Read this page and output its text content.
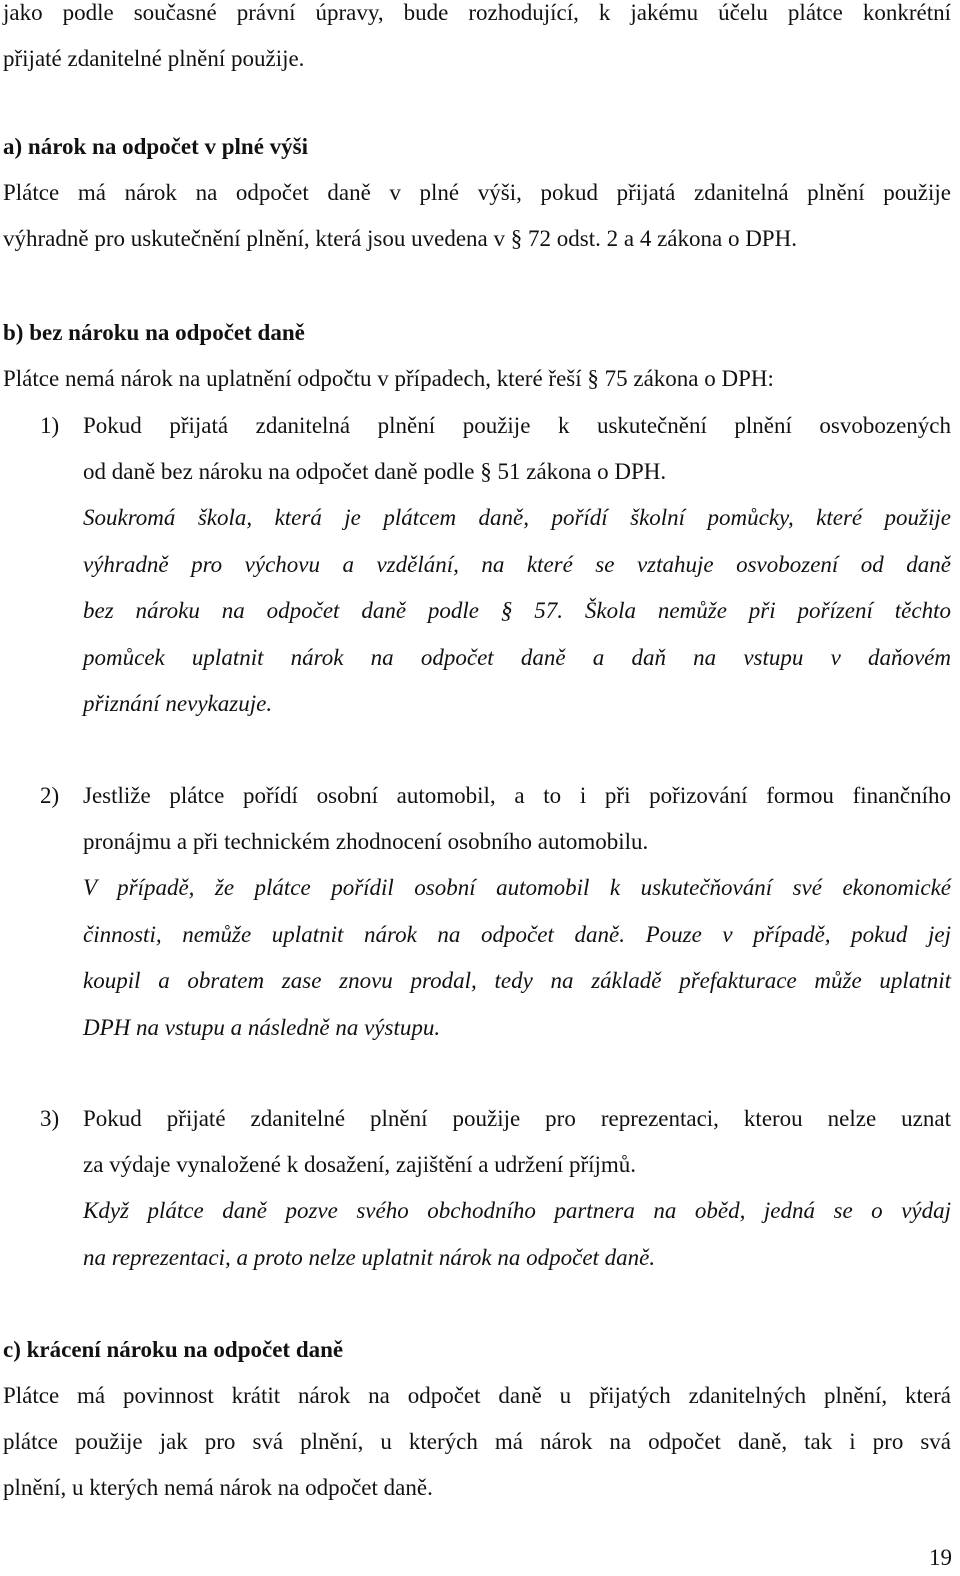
jako podle současné právní úpravy, bude rozhodující, k jakému účelu plátce konkrétní

přijaté zdanitelné plnění použije.

a) nárok na odpočet v plné výši

Plátce má nárok na odpočet daně v plné výši, pokud přijatá zdanitelná plnění použije

výhradně pro uskutečnění plnění, která jsou uvedena v § 72 odst. 2 a 4 zákona o DPH.

b) bez nároku na odpočet daně

Plátce nemá nárok na uplatnění odpočtu v případech, které řeší § 75 zákona o DPH:

1) Pokud přijatá zdanitelná plnění použije k uskutečnění plnění osvobozených

od daně bez nároku na odpočet daně podle § 51 zákona o DPH.

Soukromá škola, která je plátcem daně, pořídí školní pomůcky, které použije

výhradně pro výchovu a vzdělání, na které se vztahuje osvobození od daně

bez nároku na odpočet daně podle § 57. Škola nemůže při pořízení těchto

pomůcek uplatnit nárok na odpočet daně a daň na vstupu v daňovém

přiznání nevykazuje.

2) Jestliže plátce pořídí osobní automobil, a to i při pořizování formou finančního

pronájmu a při technickém zhodnocení osobního automobilu.

V případě, že plátce pořídil osobní automobil k uskutečňování své ekonomické

činnosti, nemůže uplatnit nárok na odpočet daně. Pouze v případě, pokud jej

koupil a obratem zase znovu prodal, tedy na základě přefakturace může uplatnit

DPH na vstupu a následně na výstupu.

3) Pokud přijaté zdanitelné plnění použije pro reprezentaci, kterou nelze uznat

za výdaje vynaložené k dosažení, zajištění a udržení příjmů.

Když plátce daně pozve svého obchodního partnera na oběd, jedná se o výdaj

na reprezentaci, a proto nelze uplatnit nárok na odpočet daně.

c) krácení nároku na odpočet daně

Plátce má povinnost krátit nárok na odpočet daně u přijatých zdanitelných plnění, která

plátce použije jak pro svá plnění, u kterých má nárok na odpočet daně, tak i pro svá

plnění, u kterých nemá nárok na odpočet daně.

19
